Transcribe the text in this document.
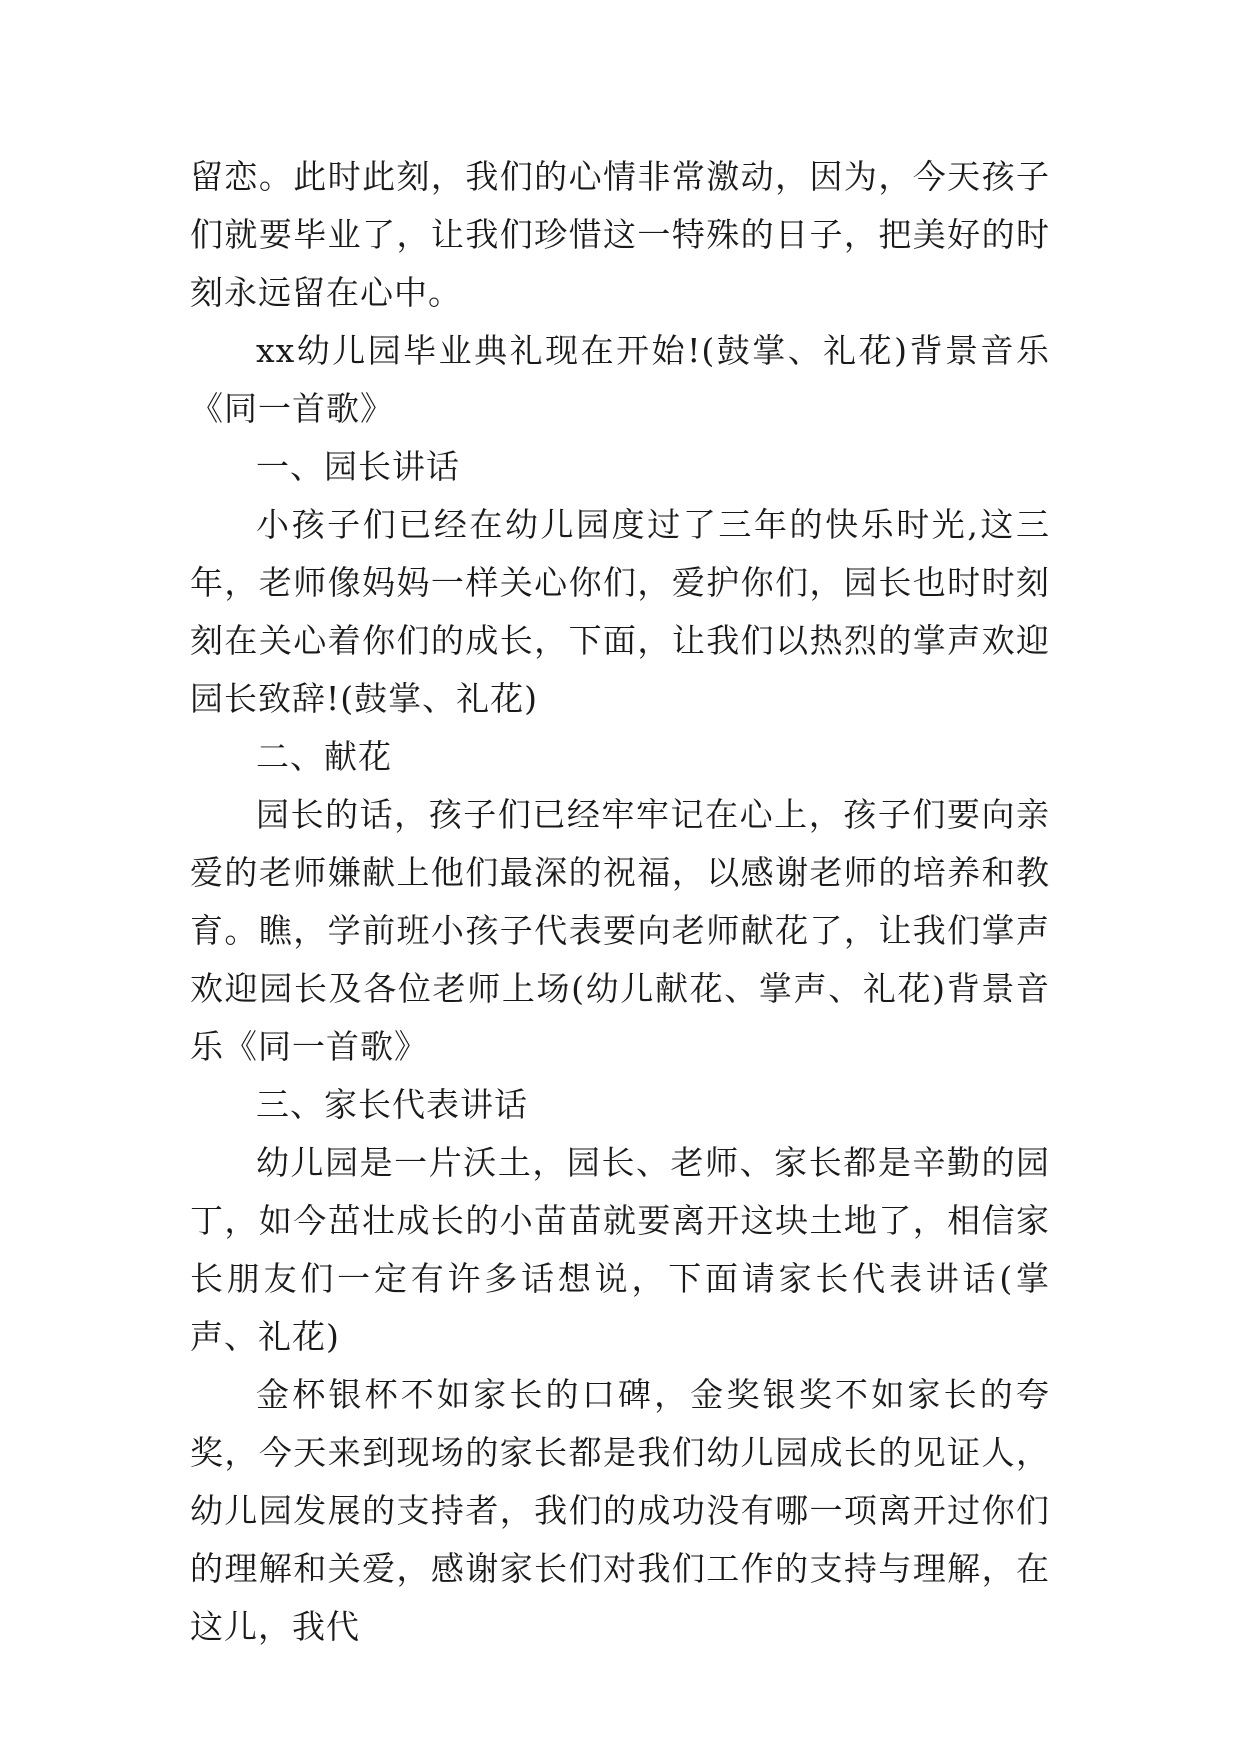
留恋。此时此刻，我们的心情非常激动，因为，今天孩子们就要毕业了，让我们珍惜这一特殊的日子，把美好的时刻永远留在心中。

xx幼儿园毕业典礼现在开始!(鼓掌、礼花)背景音乐《同一首歌》

一、园长讲话

小孩子们已经在幼儿园度过了三年的快乐时光,这三年，老师像妈妈一样关心你们，爱护你们，园长也时时刻刻在关心着你们的成长，下面，让我们以热烈的掌声欢迎园长致辞!(鼓掌、礼花)

二、献花

园长的话，孩子们已经牢牢记在心上，孩子们要向亲爱的老师嫌献上他们最深的祝福，以感谢老师的培养和教育。瞧，学前班小孩子代表要向老师献花了，让我们掌声欢迎园长及各位老师上场(幼儿献花、掌声、礼花)背景音乐《同一首歌》

三、家长代表讲话

幼儿园是一片沃土，园长、老师、家长都是辛勤的园丁，如今茁壮成长的小苗苗就要离开这块土地了，相信家长朋友们一定有许多话想说，下面请家长代表讲话(掌声、礼花)

金杯银杯不如家长的口碑，金奖银奖不如家长的夸奖，今天来到现场的家长都是我们幼儿园成长的见证人，幼儿园发展的支持者，我们的成功没有哪一项离开过你们的理解和关爱，感谢家长们对我们工作的支持与理解，在这儿，我代
